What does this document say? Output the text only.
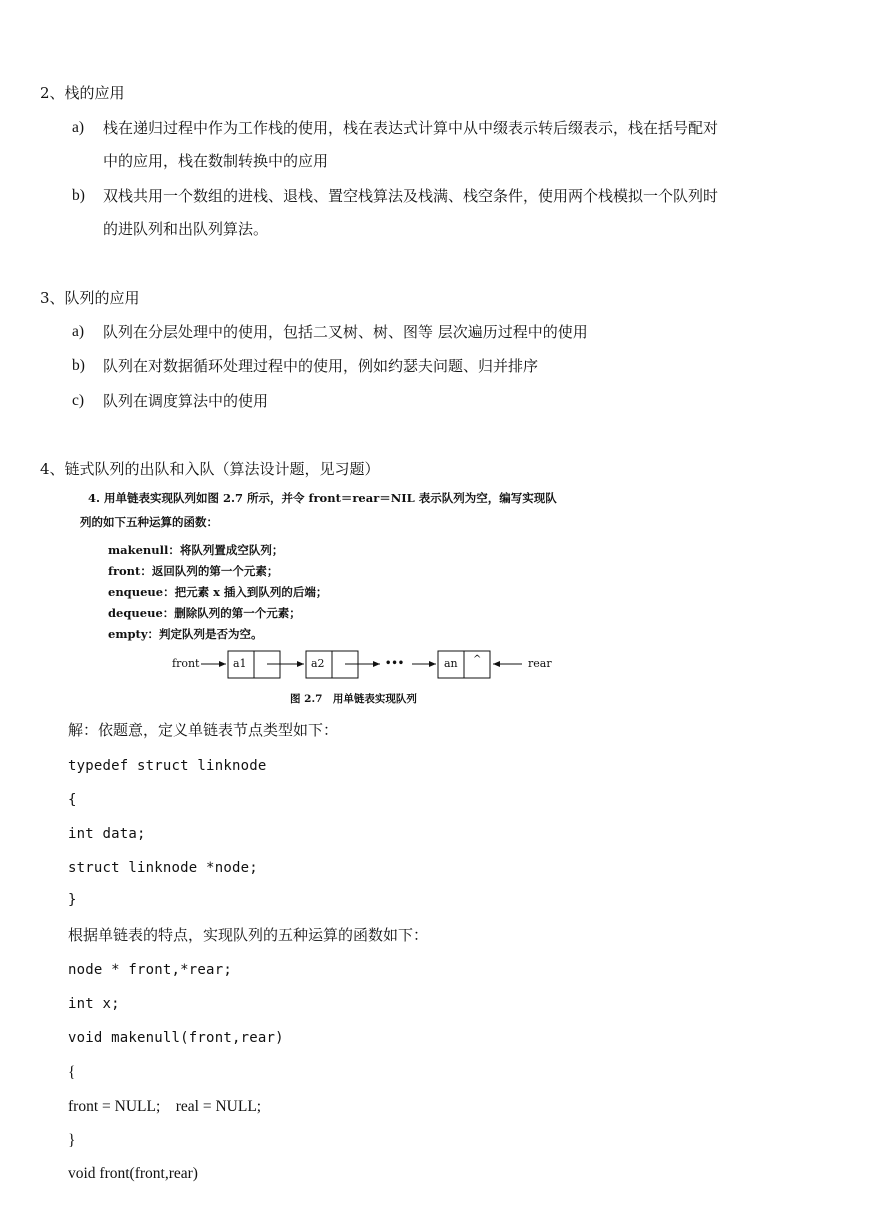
2、栈的应用
a) 栈在递归过程中作为工作栈的使用，栈在表达式计算中从中缀表示转后缀表示，栈在括号配对
中的应用，栈在数制转换中的应用
b) 双栈共用一个数组的进栈、退栈、置空栈算法及栈满、栈空条件，使用两个栈模拟一个队列时
的进队列和出队列算法。
3、队列的应用
a) 队列在分层处理中的使用，包括二叉树、树、图等 层次遍历过程中的使用
b) 队列在对数据循环处理过程中的使用，例如约瑟夫问题、归并排序
c) 队列在调度算法中的使用
4、链式队列的出队和入队（算法设计题，见习题）
4. 用单链表实现队列如图 2.7 所示，并令 front＝rear＝NIL 表示队列为空，编写实现队
列的如下五种运算的函数：
makenull：将队列置成空队列；
front：返回队列的第一个元素；
enqueue：把元素 x 插入到队列的后端；
dequeue：删除队列的第一个元素；
empty：判定队列是否为空。
front	a1	a2	•••	an ^	rear
图 2.7　用单链表实现队列
解：依题意，定义单链表节点类型如下：
typedef struct linknode
{
int data;
struct linknode *node;
}
根据单链表的特点，实现队列的五种运算的函数如下：
node * front,*rear;
int x;
void makenull(front,rear)
{
front = NULL;    real = NULL;
}
void front(front,rear)
